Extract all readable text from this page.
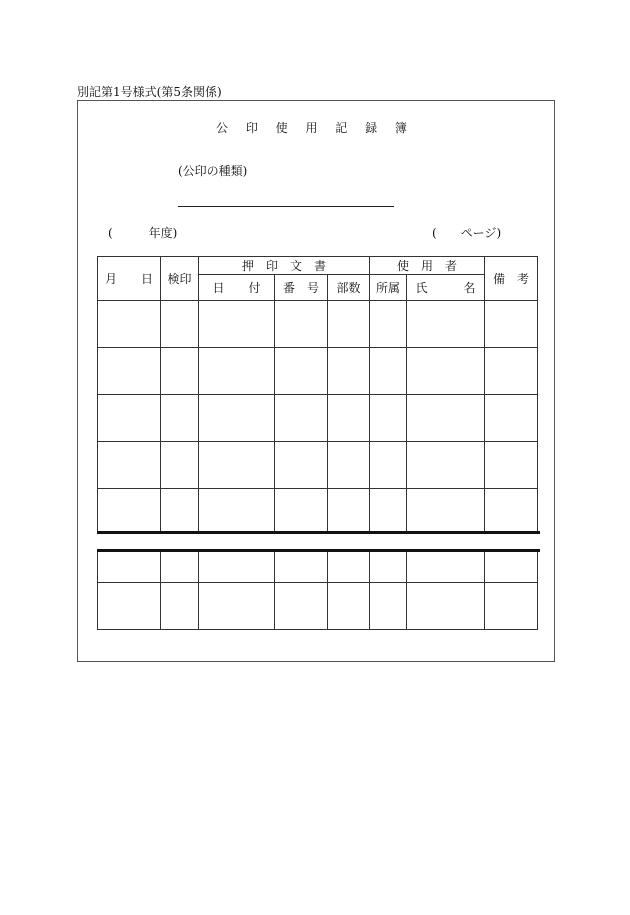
別記第1号様式(第5条関係)
公 印 使 用 記 録 簿
(公印の種類)
(　　　年度)	(　　ページ)
月　　日	検印	押　印　文　書			使　用　者		備　考
		日　　付	番　号	部数	所属	氏　　　名	
